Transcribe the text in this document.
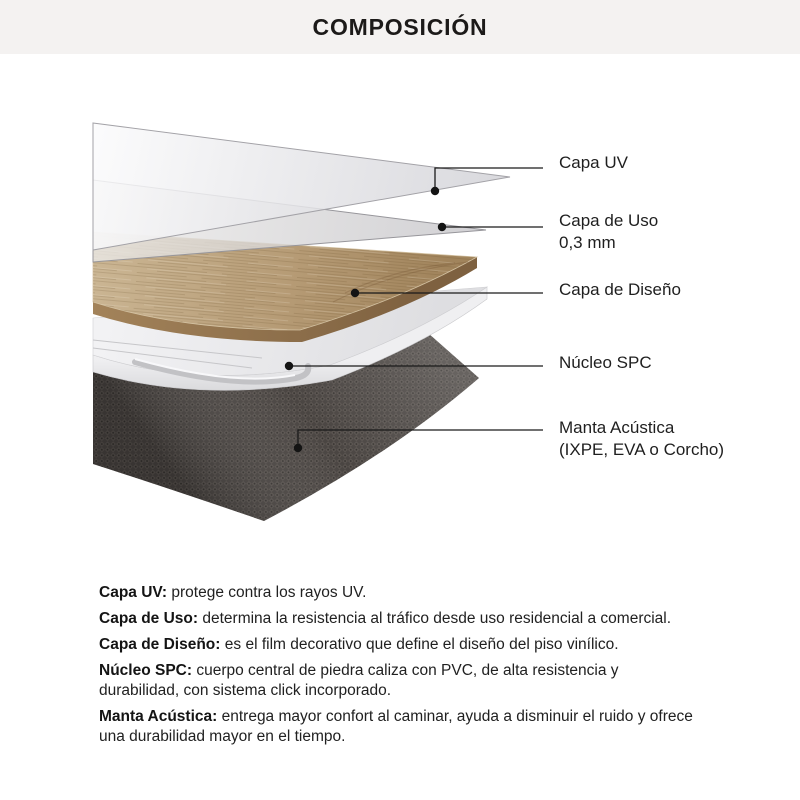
COMPOSICIÓN
Capa UV
Capa de Uso
0,3 mm
Capa de Diseño
Núcleo SPC
Manta Acústica
(IXPE, EVA o Corcho)

Capa UV: protege contra los rayos UV.

Capa de Uso: determina la resistencia al tráfico desde uso residencial a comercial.

Capa de Diseño: es el film decorativo que define el diseño del piso vinílico.

Núcleo SPC: cuerpo central de piedra caliza con PVC, de alta resistencia y durabilidad, con sistema click incorporado.

Manta Acústica: entrega mayor confort al caminar, ayuda a disminuir el ruido y ofrece una durabilidad mayor en el tiempo.
